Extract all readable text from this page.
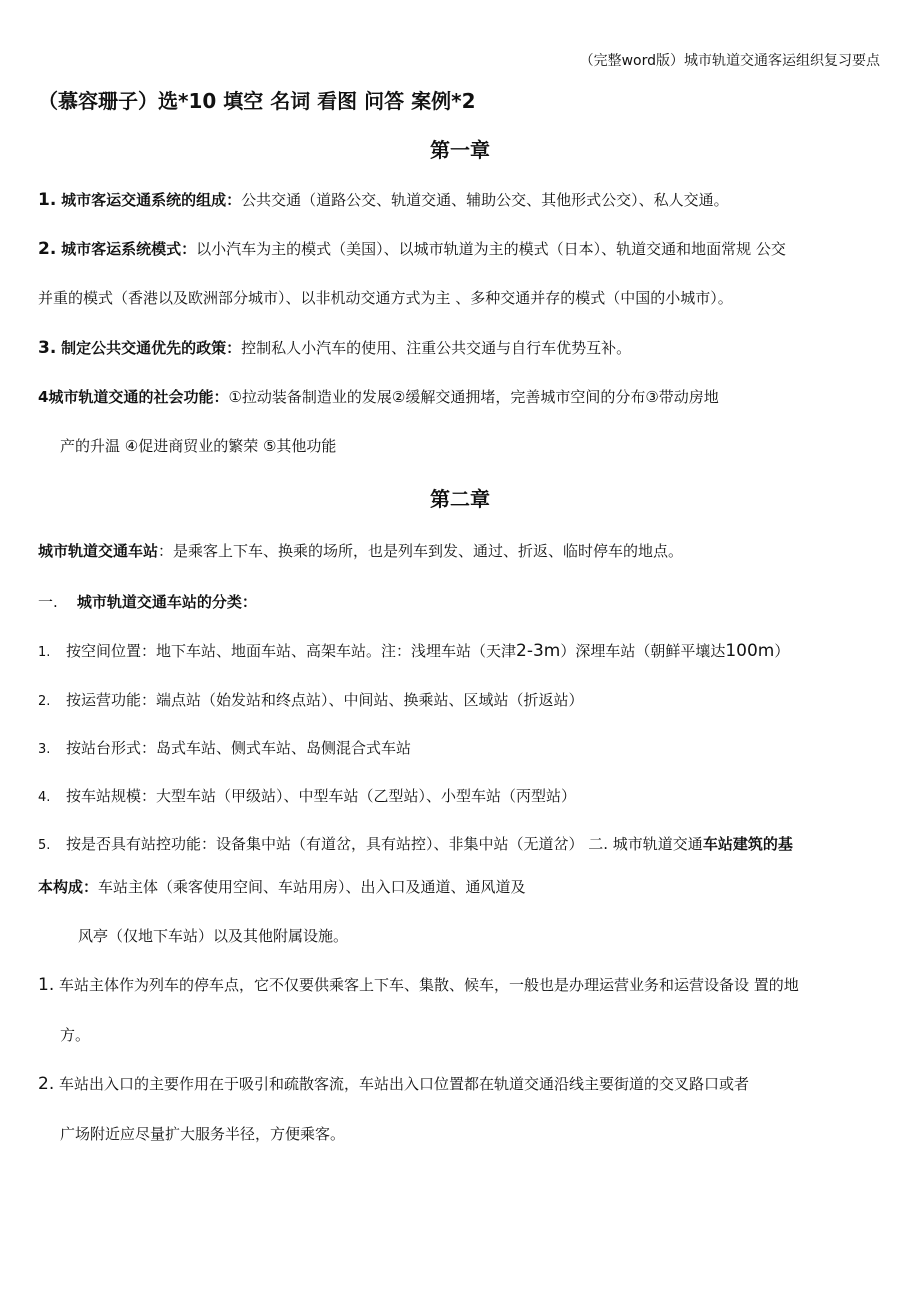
（完整word版）城市轨道交通客运组织复习要点
（慕容珊子）选*10 填空 名词 看图 问答 案例*2
第一章
1. 城市客运交通系统的组成：公共交通（道路公交、轨道交通、辅助公交、其他形式公交）、私人交通。
2. 城市客运系统模式：以小汽车为主的模式（美国）、以城市轨道为主的模式（日本）、轨道交通和地面常规 公交
并重的模式（香港以及欧洲部分城市）、以非机动交通方式为主 、多种交通并存的模式（中国的小城市）。
3. 制定公共交通优先的政策：控制私人小汽车的使用、注重公共交通与自行车优势互补。
4城市轨道交通的社会功能：①拉动装备制造业的发展②缓解交通拥堵，完善城市空间的分布③带动房地
产的升温 ④促进商贸业的繁荣 ⑤其他功能
第二章
城市轨道交通车站：是乘客上下车、换乘的场所，也是列车到发、通过、折返、临时停车的地点。
一. 城市轨道交通车站的分类：
1. 按空间位置：地下车站、地面车站、高架车站。注：浅埋车站（天津2-3m）深埋车站（朝鲜平壤达100m）
2. 按运营功能：端点站（始发站和终点站）、中间站、换乘站、区域站（折返站）
3. 按站台形式：岛式车站、侧式车站、岛侧混合式车站
4. 按车站规模：大型车站（甲级站）、中型车站（乙型站）、小型车站（丙型站）
5. 按是否具有站控功能：设备集中站（有道岔，具有站控）、非集中站（无道岔） 二. 城市轨道交通车站建筑的基
本构成：车站主体（乘客使用空间、车站用房）、出入口及通道、通风道及
风亭（仅地下车站）以及其他附属设施。
1. 车站主体作为列车的停车点，它不仅要供乘客上下车、集散、候车，一般也是办理运营业务和运营设备设 置的地
方。
2. 车站出入口的主要作用在于吸引和疏散客流，车站出入口位置都在轨道交通沿线主要街道的交叉路口或者
广场附近应尽量扩大服务半径，方便乘客。
